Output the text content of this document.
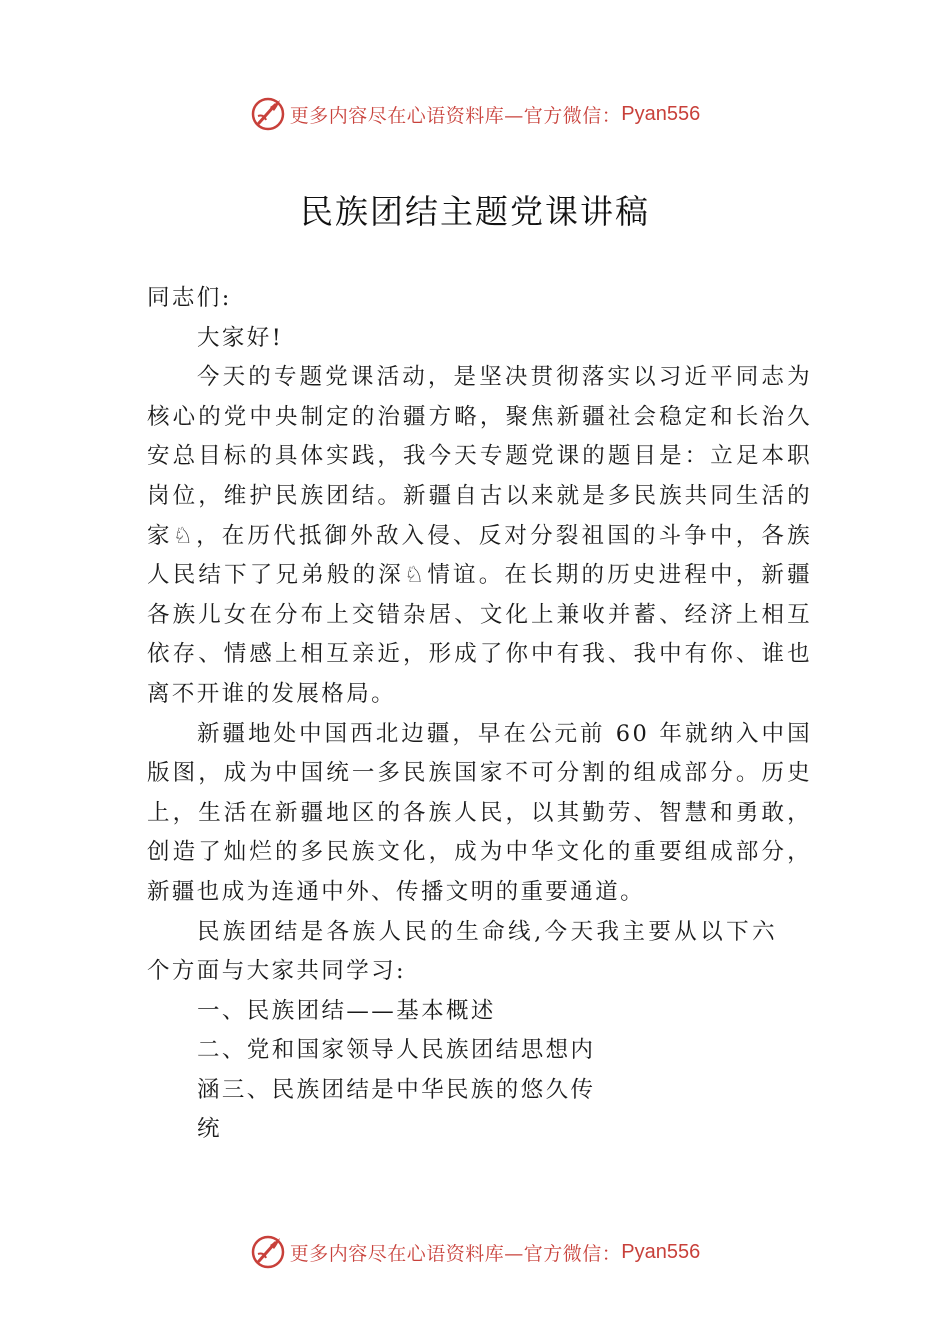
更多内容尽在心语资料库—官方微信： Pyan556
民族团结主题党课讲稿

同志们:

大家好!

今天的专题党课活动，是坚决贯彻落实以习近平同志为核心的党中央制定的治疆方略，聚焦新疆社会稳定和长治久安总目标的具体实践，我今天专题党课的题目是：立足本职岗位，维护民族团结。新疆自古以来就是多民族共同生活的家♘，在历代抵御外敌入侵、反对分裂祖国的斗争中，各族人民结下了兄弟般的深♘情谊。在长期的历史进程中，新疆各族儿女在分布上交错杂居、文化上兼收并蓄、经济上相互依存、情感上相互亲近，形成了你中有我、我中有你、谁也离不开谁的发展格局。

新疆地处中国西北边疆，早在公元前 60 年就纳入中国版图，成为中国统一多民族国家不可分割的组成部分。历史上，生活在新疆地区的各族人民，以其勤劳、智慧和勇敢， 创造了灿烂的多民族文化，成为中华文化的重要组成部分， 新疆也成为连通中外、传播文明的重要通道。

民族团结是各族人民的生命线,今天我主要从以下六个方面与大家共同学习:

一、民族团结——基本概述

二、党和国家领导人民族团结思想内涵三、民族团结是中华民族的悠久传统

更多内容尽在心语资料库—官方微信： Pyan556
